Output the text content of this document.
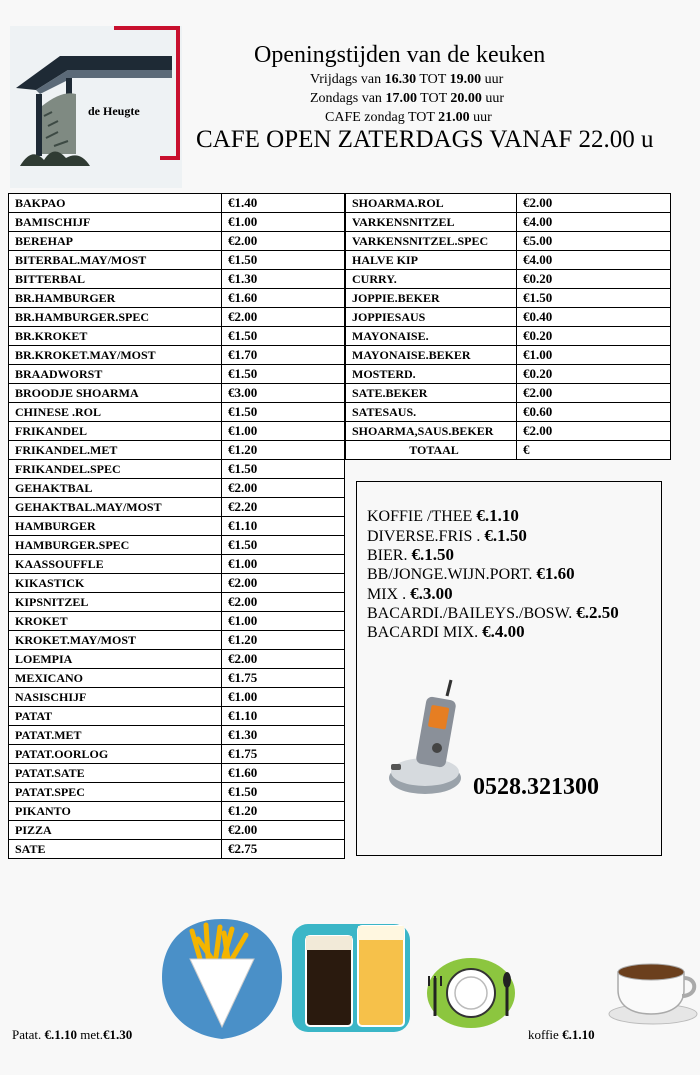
de Heugte
Openingstijden van de keuken
Vrijdags van 16.30 TOT 19.00 uur
Zondags van 17.00 TOT 20.00 uur
CAFE zondag TOT 21.00 uur
CAFE OPEN ZATERDAGS VANAF 22.00 u
BAKPAO	€1.40
BAMISCHIJF	€1.00
BEREHAP	€2.00
BITERBAL.MAY/MOST	€1.50
BITTERBAL	€1.30
BR.HAMBURGER	€1.60
BR.HAMBURGER.SPEC	€2.00
BR.KROKET	€1.50
BR.KROKET.MAY/MOST	€1.70
BRAADWORST	€1.50
BROODJE SHOARMA	€3.00
CHINESE .ROL	€1.50
FRIKANDEL	€1.00
FRIKANDEL.MET	€1.20
FRIKANDEL.SPEC	€1.50
GEHAKTBAL	€2.00
GEHAKTBAL.MAY/MOST	€2.20
HAMBURGER	€1.10
HAMBURGER.SPEC	€1.50
KAASSOUFFLE	€1.00
KIKASTICK	€2.00
KIPSNITZEL	€2.00
KROKET	€1.00
KROKET.MAY/MOST	€1.20
LOEMPIA	€2.00
MEXICANO	€1.75
NASISCHIJF	€1.00
PATAT	€1.10
PATAT.MET	€1.30
PATAT.OORLOG	€1.75
PATAT.SATE	€1.60
PATAT.SPEC	€1.50
PIKANTO	€1.20
PIZZA	€2.00
SATE	€2.75
SHOARMA.ROL	€2.00
VARKENSNITZEL	€4.00
VARKENSNITZEL.SPEC	€5.00
HALVE KIP	€4.00
CURRY.	€0.20
JOPPIE.BEKER	€1.50
JOPPIESAUS	€0.40
MAYONAISE.	€0.20
MAYONAISE.BEKER	€1.00
MOSTERD.	€0.20
SATE.BEKER	€2.00
SATESAUS.	€0.60
SHOARMA,SAUS.BEKER	€2.00
TOTAAL	€
KOFFIE /THEE €.1.10
DIVERSE.FRIS . €.1.50
BIER. €.1.50
BB/JONGE.WIJN.PORT. €1.60
MIX . €.3.00
BACARDI./BAILEYS./BOSW. €.2.50
BACARDI MIX. €.4.00
0528.321300
Patat. €.1.10 met.€1.30	koffie €.1.10
